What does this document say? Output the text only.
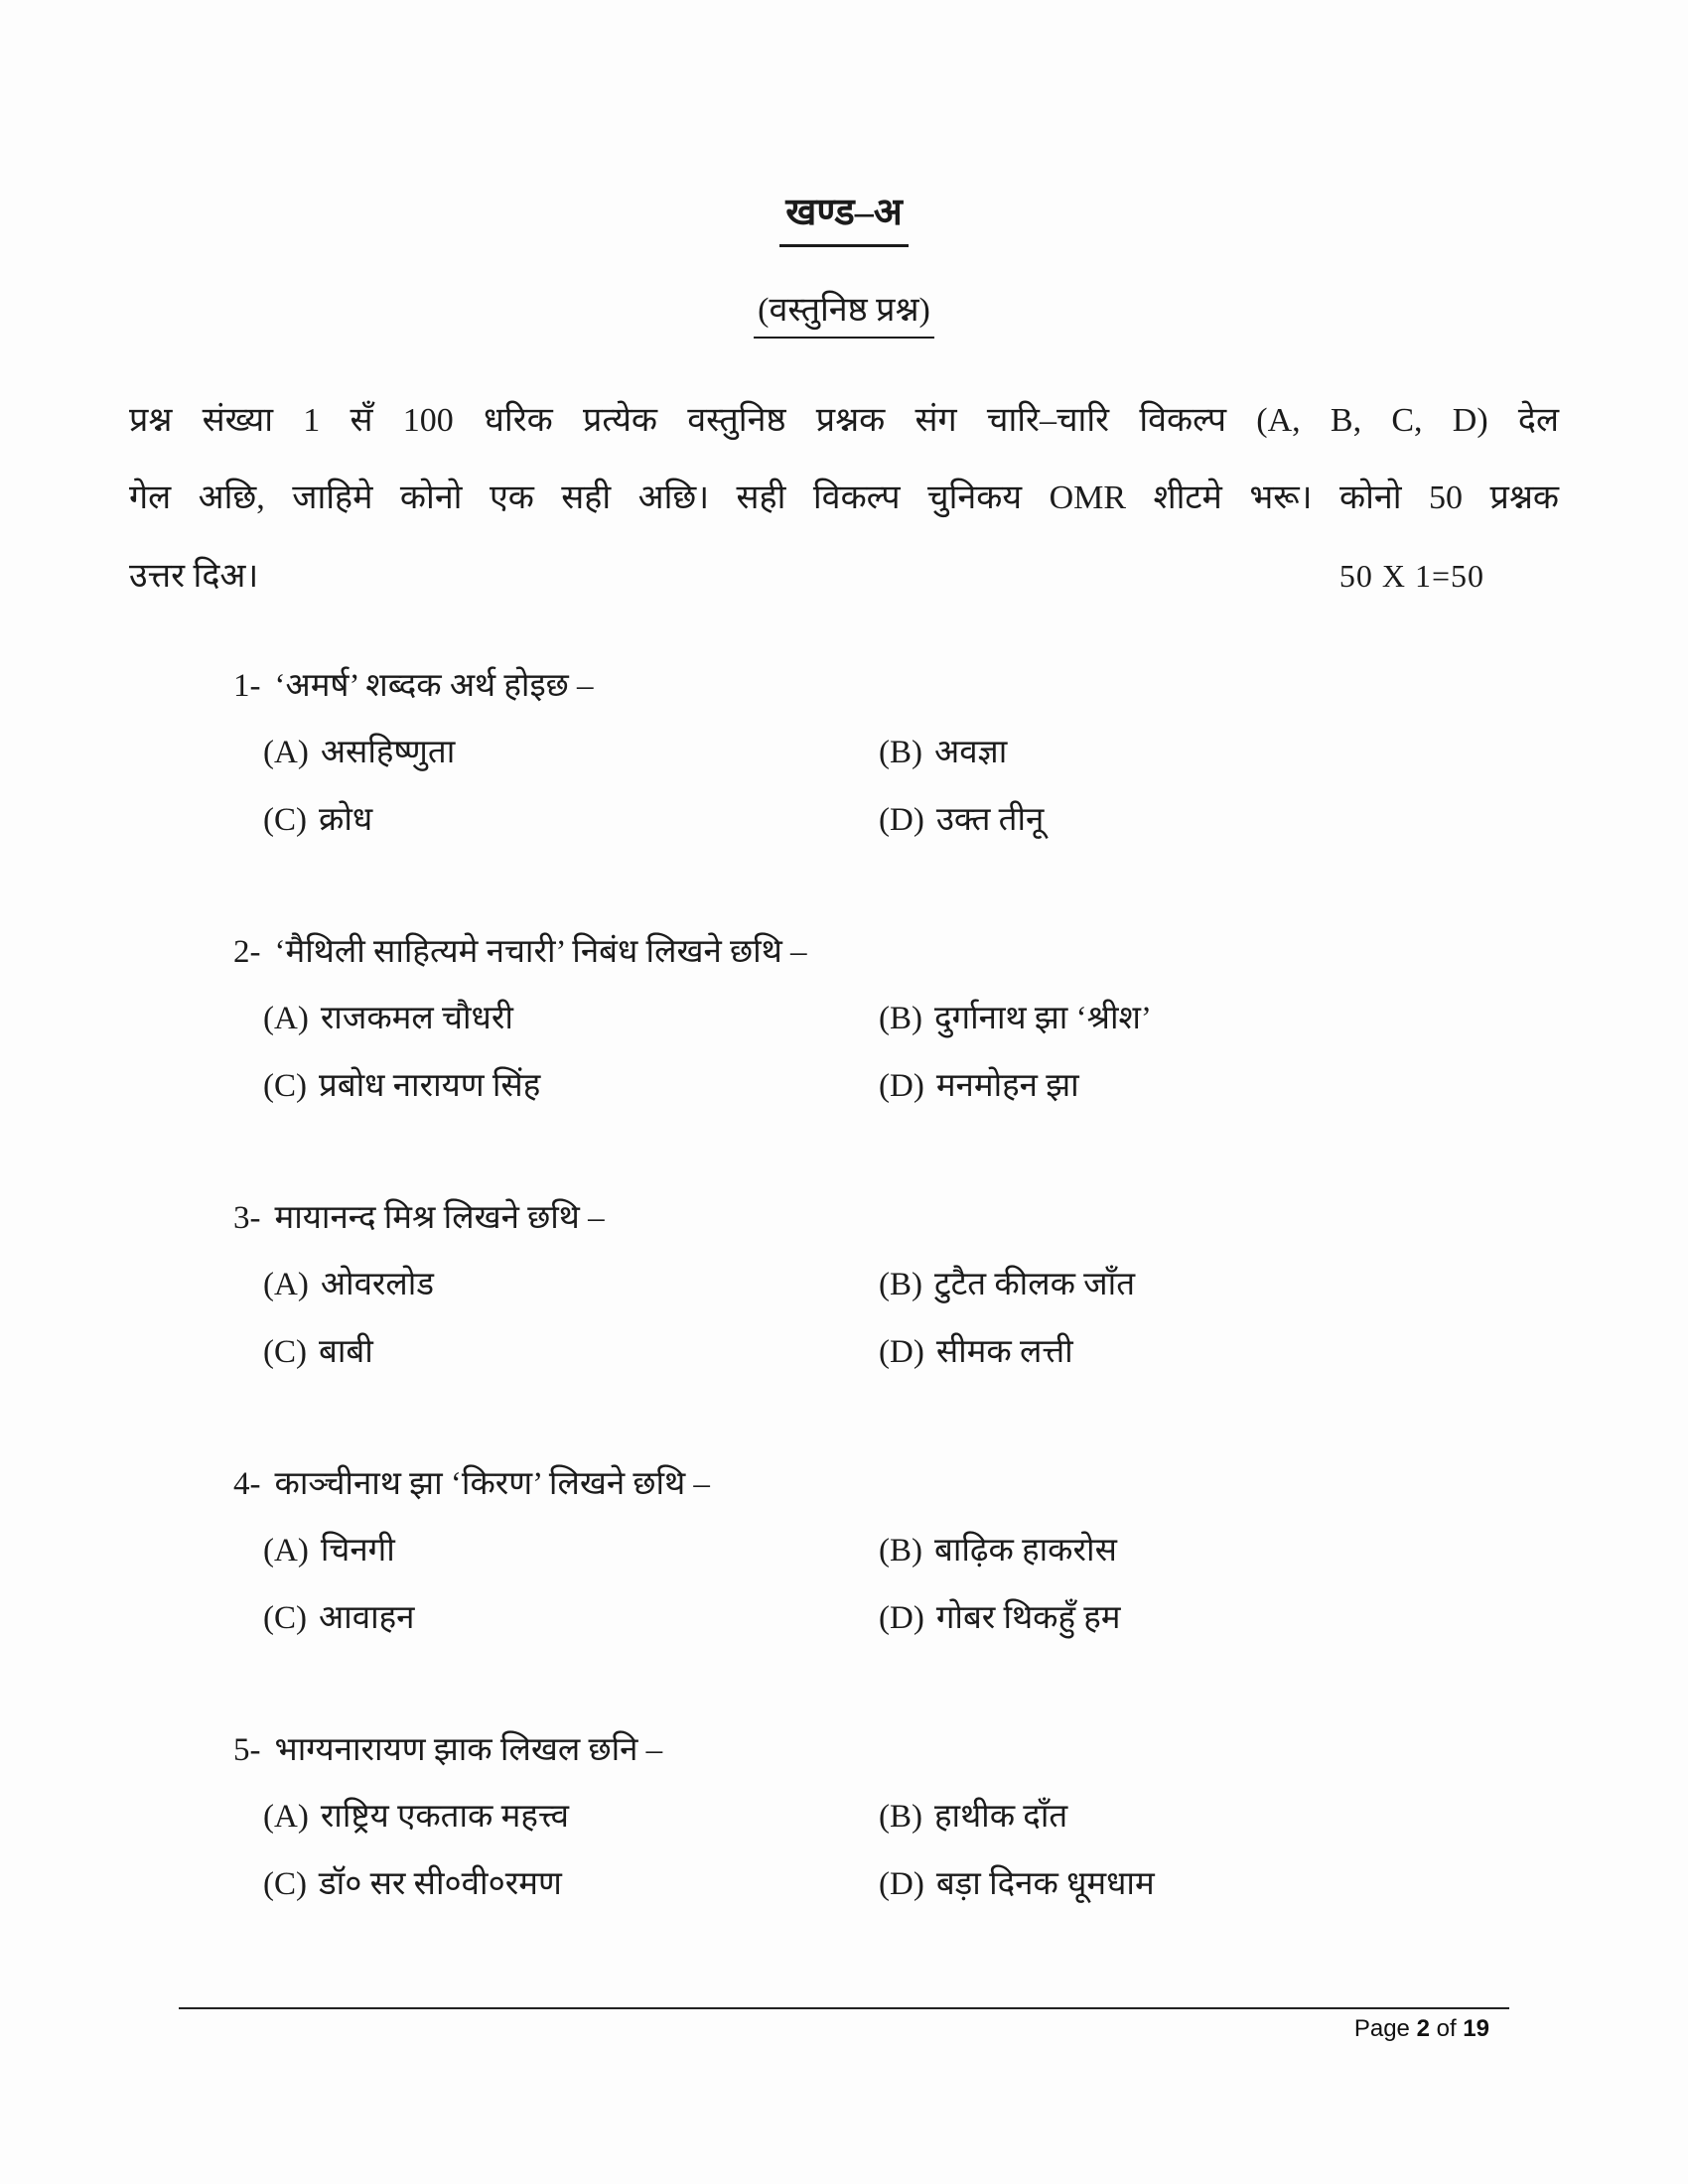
खण्ड–अ
(वस्तुनिष्ठ प्रश्न)
प्रश्न संख्या 1 सँ 100 धरिक प्रत्येक वस्तुनिष्ठ प्रश्नक संग चारि–चारि विकल्प (A, B, C, D) देल
गेल अछि, जाहिमे कोनो एक सही अछि। सही विकल्प चुनिकय OMR शीटमे भरू। कोनो 50 प्रश्नक
उत्तर दिअ।	50 X 1=50
1- ‘अमर्ष’ शब्दक अर्थ होइछ –
(A) असहिष्णुता	(B) अवज्ञा
(C) क्रोध	(D) उक्त तीनू
2- ‘मैथिली साहित्यमे नचारी’ निबंध लिखने छथि –
(A) राजकमल चौधरी	(B) दुर्गानाथ झा ‘श्रीश’
(C) प्रबोध नारायण सिंह	(D) मनमोहन झा
3- मायानन्द मिश्र लिखने छथि –
(A) ओवरलोड	(B) टुटैत कीलक जाँत
(C) बाबी	(D) सीमक लत्ती
4- काञ्चीनाथ झा ‘किरण’ लिखने छथि –
(A) चिनगी	(B) बाढ़िक हाकरोस
(C) आवाहन	(D) गोबर थिकहुँ हम
5- भाग्यनारायण झाक लिखल छनि –
(A) राष्ट्रिय एकताक महत्त्व	(B) हाथीक दाँत
(C) डॉ० सर सी०वी०रमण	(D) बड़ा दिनक धूमधाम
Page 2 of 19
